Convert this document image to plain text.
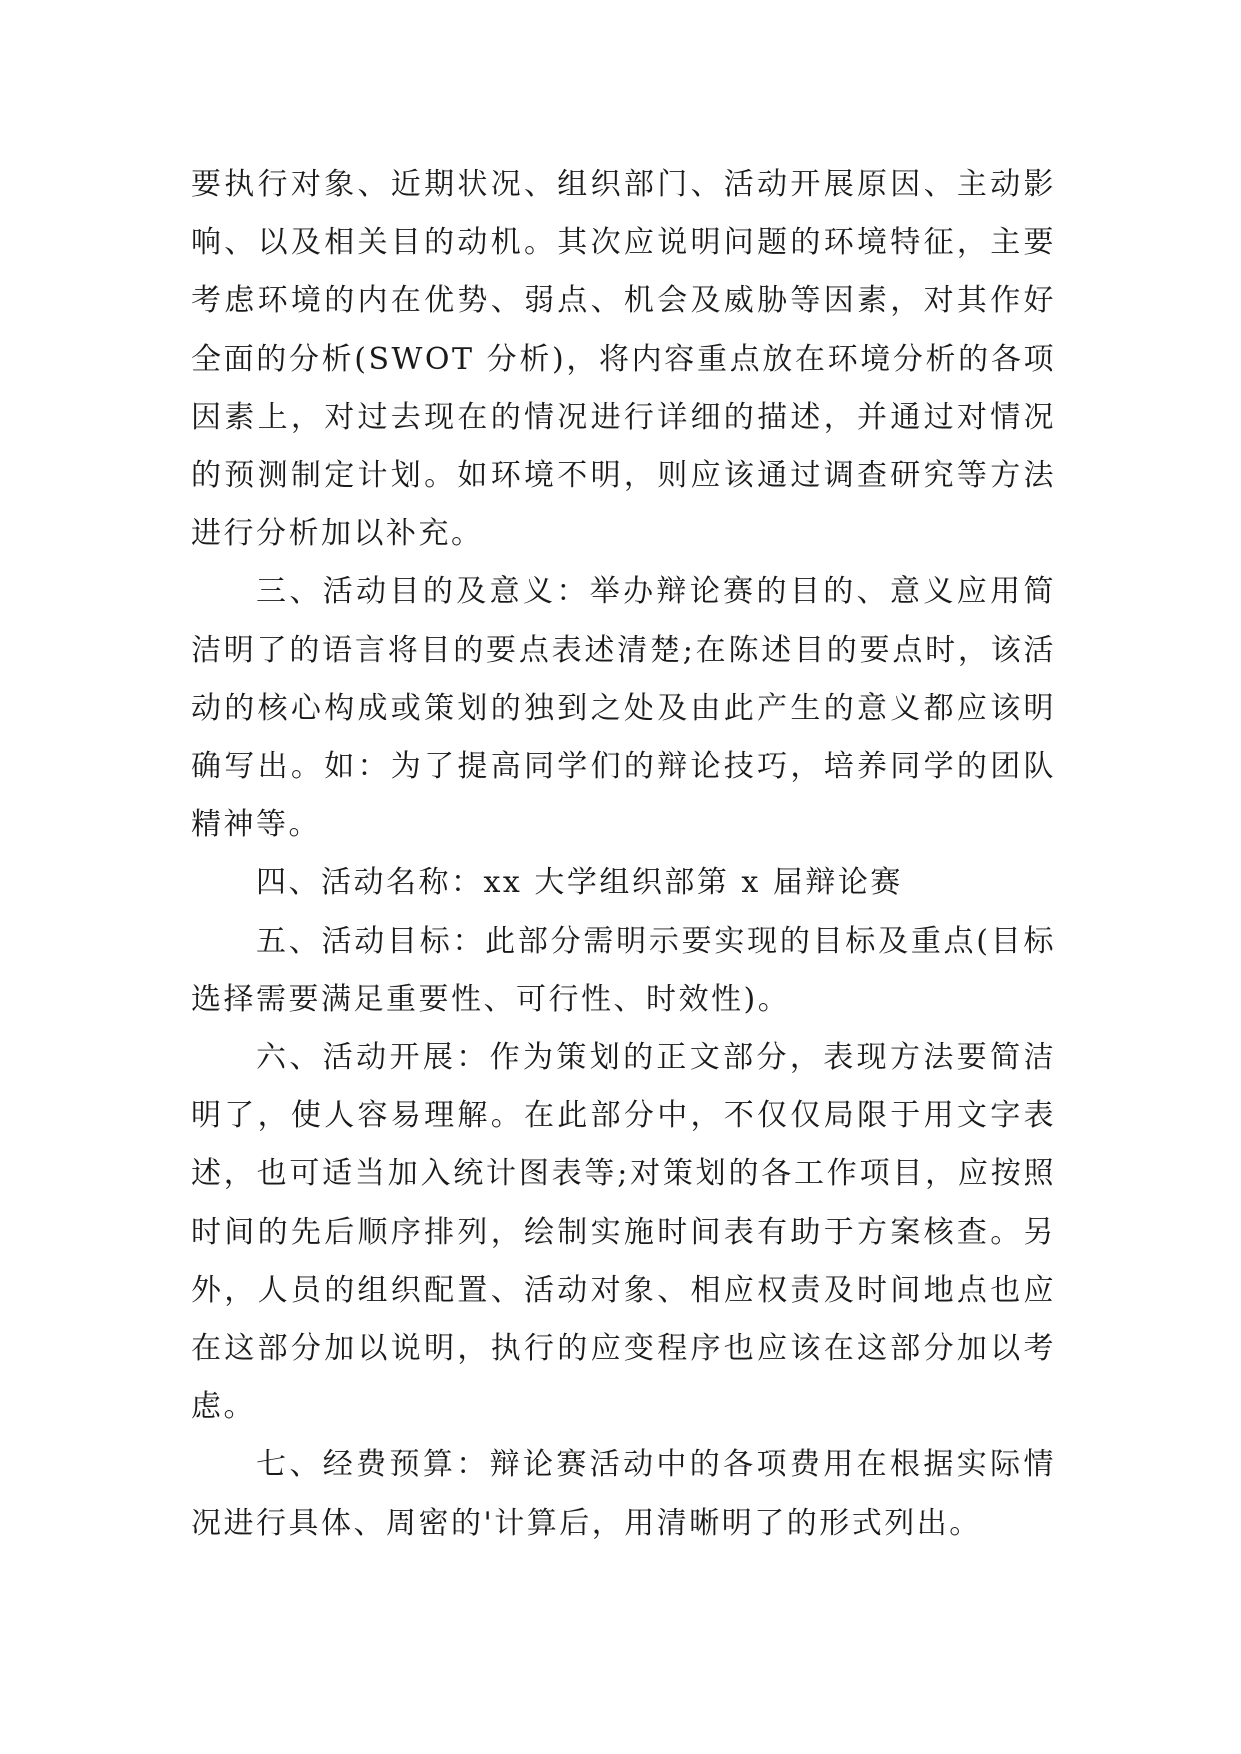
要执行对象、近期状况、组织部门、活动开展原因、主动影响、以及相关目的动机。其次应说明问题的环境特征，主要考虑环境的内在优势、弱点、机会及威胁等因素，对其作好全面的分析(SWOT 分析)，将内容重点放在环境分析的各项因素上，对过去现在的情况进行详细的描述，并通过对情况的预测制定计划。如环境不明，则应该通过调查研究等方法进行分析加以补充。

三、活动目的及意义：举办辩论赛的目的、意义应用简洁明了的语言将目的要点表述清楚;在陈述目的要点时，该活动的核心构成或策划的独到之处及由此产生的意义都应该明确写出。如：为了提高同学们的辩论技巧，培养同学的团队精神等。

四、活动名称：xx 大学组织部第 x 届辩论赛

五、活动目标：此部分需明示要实现的目标及重点(目标选择需要满足重要性、可行性、时效性)。

六、活动开展：作为策划的正文部分，表现方法要简洁明了，使人容易理解。在此部分中，不仅仅局限于用文字表述，也可适当加入统计图表等;对策划的各工作项目，应按照时间的先后顺序排列，绘制实施时间表有助于方案核查。另外，人员的组织配置、活动对象、相应权责及时间地点也应在这部分加以说明，执行的应变程序也应该在这部分加以考虑。

七、经费预算：辩论赛活动中的各项费用在根据实际情况进行具体、周密的'计算后，用清晰明了的形式列出。
